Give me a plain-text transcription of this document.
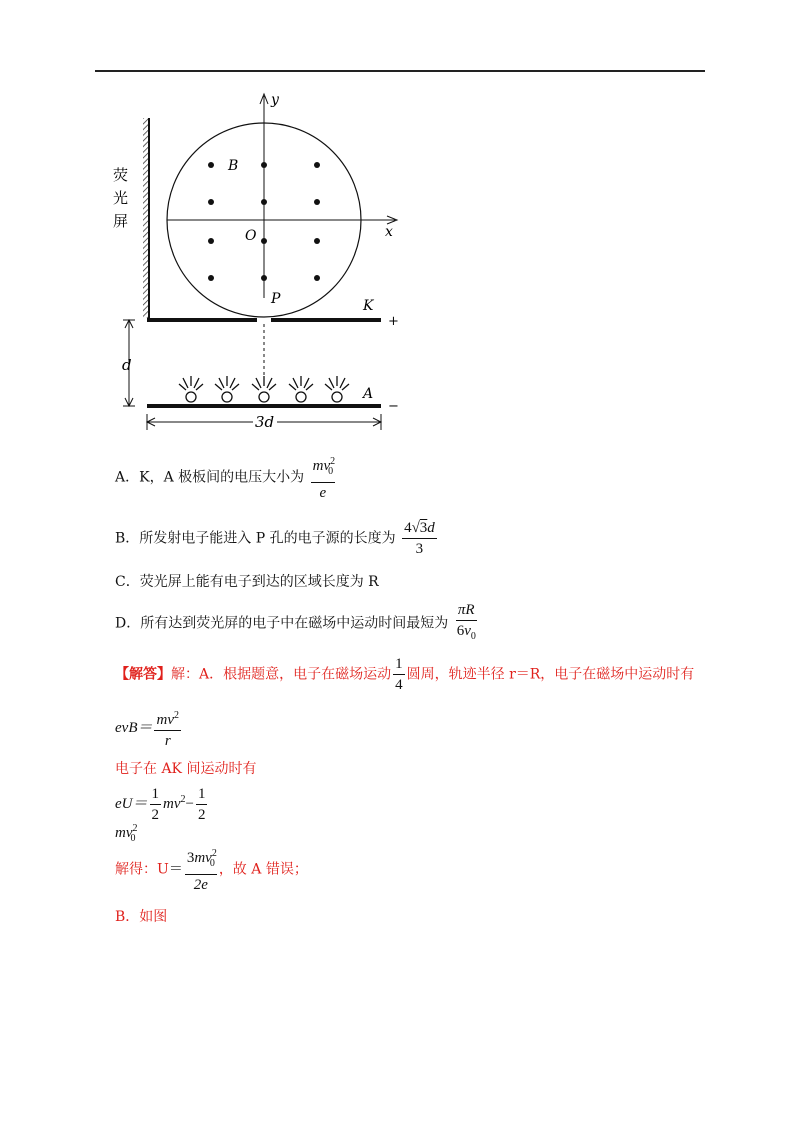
荧
光
屏
y
x
B
O
P	K
+
d
A
−
3d
A．K，A 极板间的电压大小为 $\frac{mv^2_0}{e}$
B．所发射电子能进入 P 孔的电子源的长度为 $\frac{4√3d}{3}$
C．荧光屏上能有电子到达的区域长度为 R
D．所有达到荧光屏的电子中在磁场中运动时间最短为 $\frac{\pi R}{6v_0}$
【解答】解：A．根据题意，电子在磁场运动 $\frac{1}{4}$ 圆周，轨迹半径 r＝R，电子在磁场中运动时有
$evB= \frac{mv^2}{r}$
电子在 AK 间运动时有
$eU= \frac{1}{2} mv^2- \frac{1}{2}$
$mv^2_0$
解得：$U= \frac{3mv^2_0}{2e}$ ，故 A 错误；
B．如图
